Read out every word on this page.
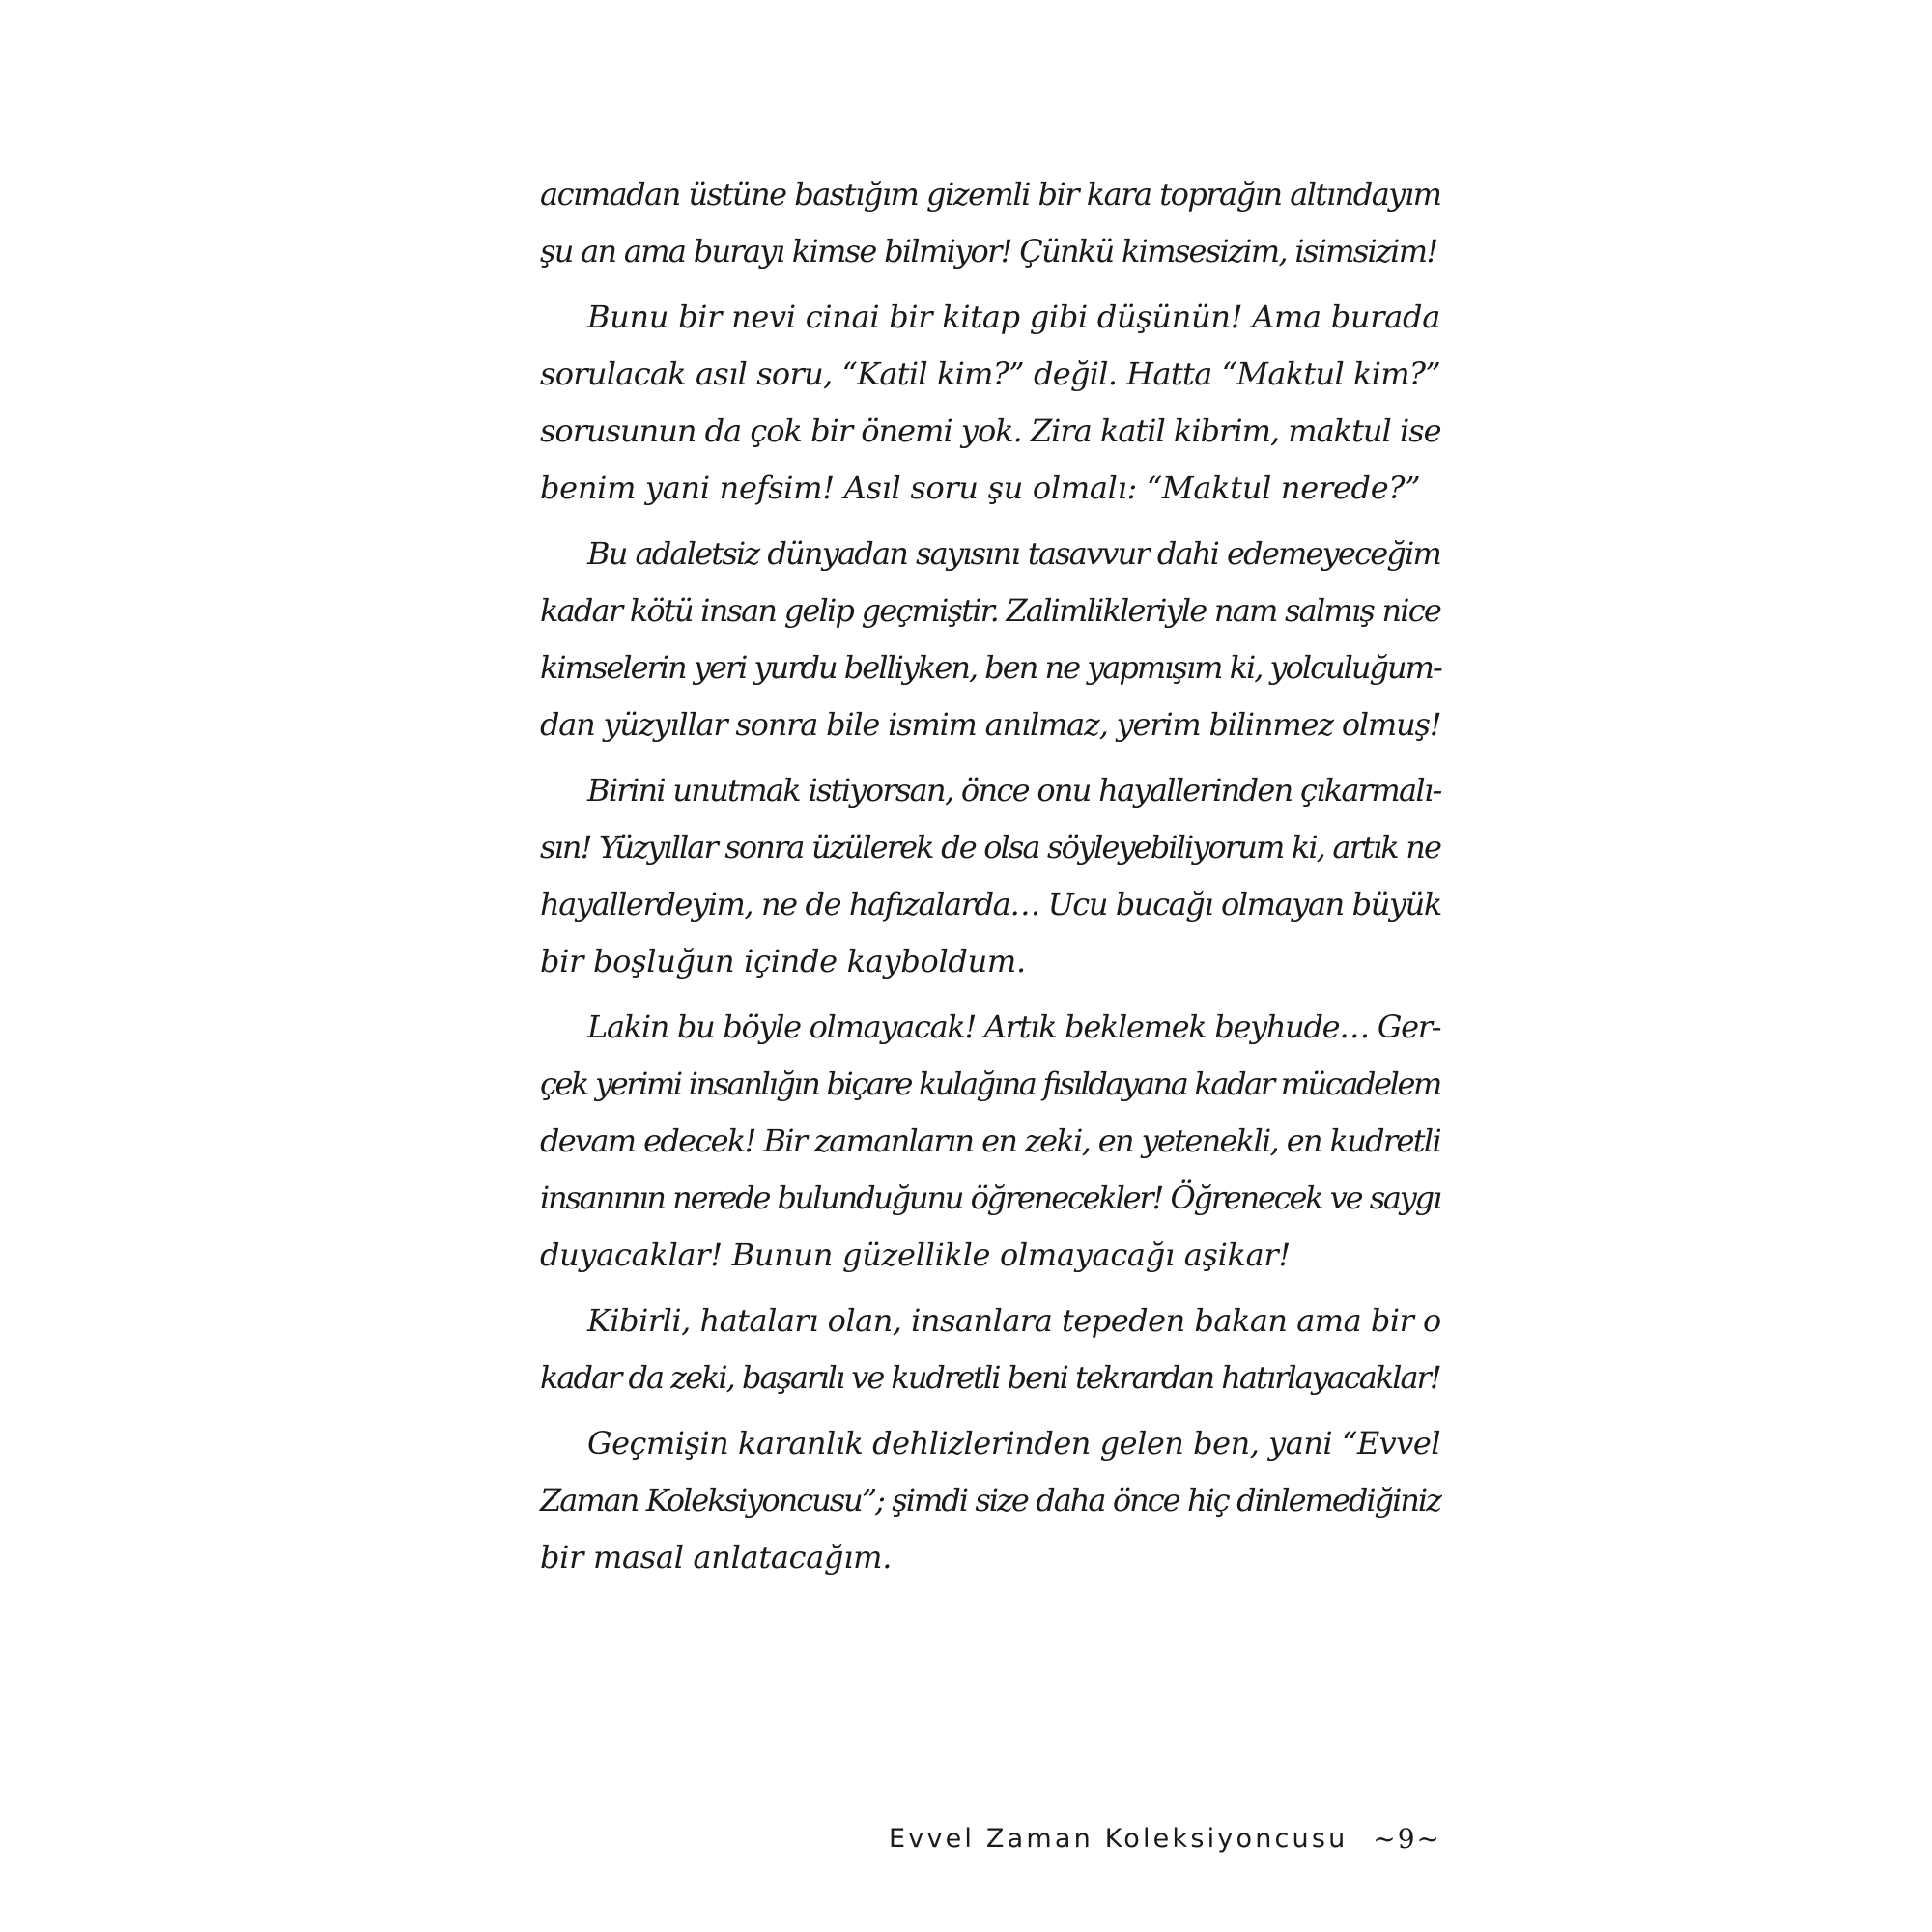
acımadan üstüne bastığım gizemli bir kara toprağın altındayım
şu an ama burayı kimse bilmiyor! Çünkü kimsesizim, isimsizim!
Bunu bir nevi cinai bir kitap gibi düşünün! Ama burada
sorulacak asıl soru, “Katil kim?” değil. Hatta “Maktul kim?”
sorusunun da çok bir önemi yok. Zira katil kibrim, maktul ise
benim yani nefsim! Asıl soru şu olmalı: “Maktul nerede?”
Bu adaletsiz dünyadan sayısını tasavvur dahi edemeyeceğim
kadar kötü insan gelip geçmiştir. Zalimlikleriyle nam salmış nice
kimselerin yeri yurdu belliyken, ben ne yapmışım ki, yolculuğum-
dan yüzyıllar sonra bile ismim anılmaz, yerim bilinmez olmuş!
Birini unutmak istiyorsan, önce onu hayallerinden çıkarmalı-
sın! Yüzyıllar sonra üzülerek de olsa söyleyebiliyorum ki, artık ne
hayallerdeyim, ne de hafızalarda… Ucu bucağı olmayan büyük
bir boşluğun içinde kayboldum.
Lakin bu böyle olmayacak! Artık beklemek beyhude… Ger-
çek yerimi insanlığın biçare kulağına fısıldayana kadar mücadelem
devam edecek! Bir zamanların en zeki, en yetenekli, en kudretli
insanının nerede bulunduğunu öğrenecekler! Öğrenecek ve saygı
duyacaklar! Bunun güzellikle olmayacağı aşikar!
Kibirli, hataları olan, insanlara tepeden bakan ama bir o
kadar da zeki, başarılı ve kudretli beni tekrardan hatırlayacaklar!
Geçmişin karanlık dehlizlerinden gelen ben, yani “Evvel
Zaman Koleksiyoncusu”; şimdi size daha önce hiç dinlemediğiniz
bir masal anlatacağım.
Evvel Zaman Koleksiyoncusu ~9~
